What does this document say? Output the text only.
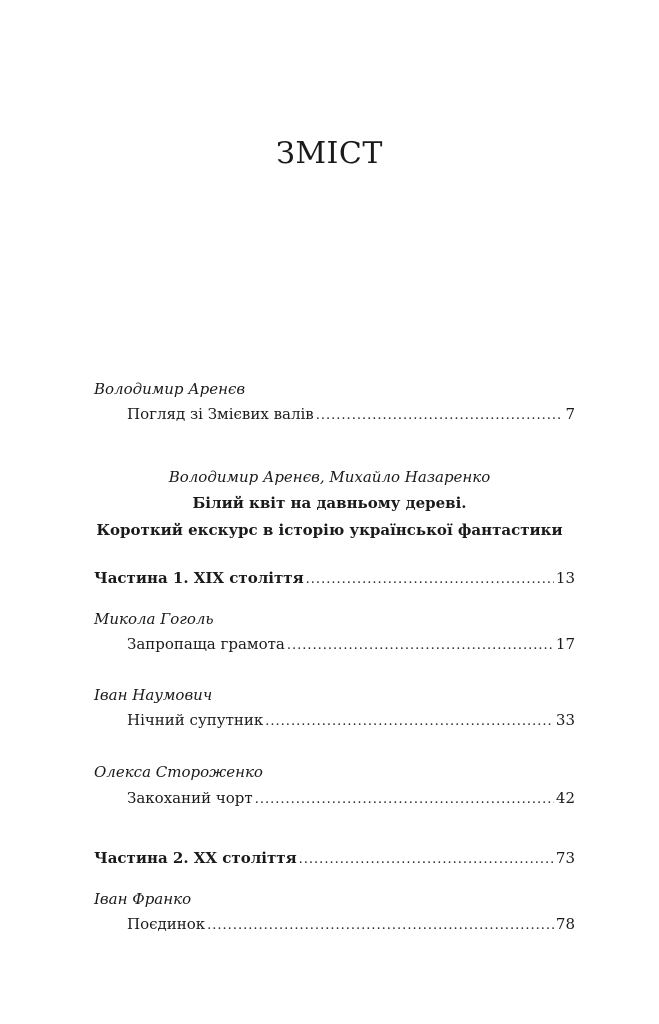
ЗМІСТ
Володимир Аренєв
Погляд зі Змієвих валів .....	7
Володимир Аренєв, Михайло Назаренко
Білий квіт на давньому дереві.
Короткий екскурс в історію української фантастики
Частина 1. ХІХ століття .....	13
Микола Гоголь
Запропаща грамота .....	17
Іван Наумович
Нічний супутник .....	33
Олекса Стороженко
Закоханий чорт .....	42
Частина 2. ХХ століття .....	73
Іван Франко
Поєдинок .....	78
